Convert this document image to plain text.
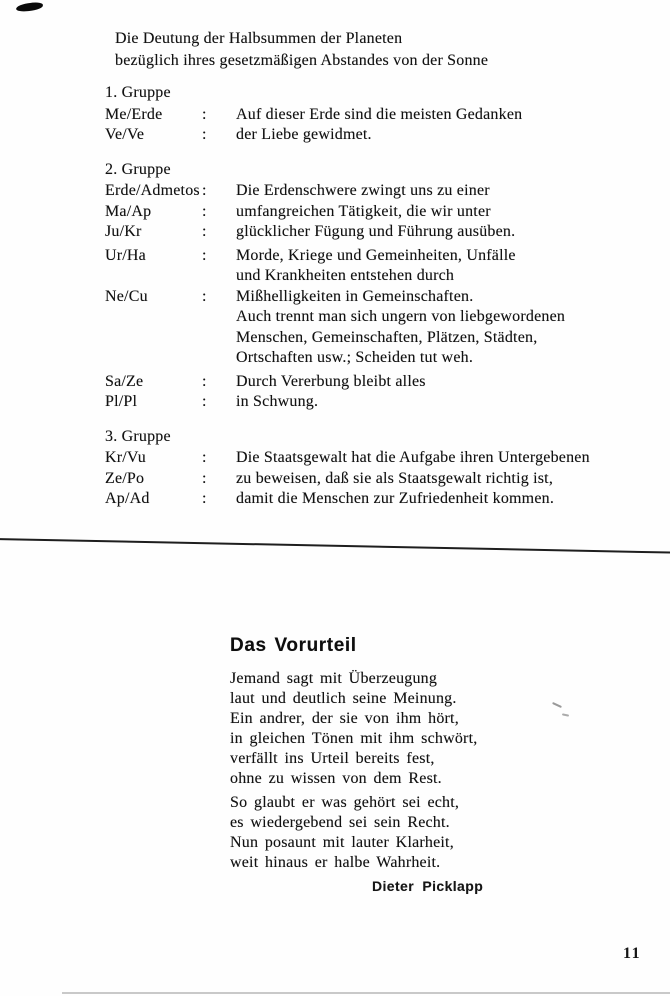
Die Deutung der Halbsummen der Planeten
bezüglich ihres gesetzmäßigen Abstandes von der Sonne
1. Gruppe
Me/Erde	:	Auf dieser Erde sind die meisten Gedanken
Ve/Ve	:	der Liebe gewidmet.
2. Gruppe
Erde/Admetos :	Die Erdenschwere zwingt uns zu einer
Ma/Ap	:	umfangreichen Tätigkeit, die wir unter
Ju/Kr	:	glücklicher Fügung und Führung ausüben.
Ur/Ha	:	Morde, Kriege und Gemeinheiten, Unfälle
und Krankheiten entstehen durch
Ne/Cu	:	Mißhelligkeiten in Gemeinschaften.
Auch trennt man sich ungern von liebgewordenen
Menschen, Gemeinschaften, Plätzen, Städten,
Ortschaften usw.; Scheiden tut weh.
Sa/Ze	:	Durch Vererbung bleibt alles
Pl/Pl	:	in Schwung.
3. Gruppe
Kr/Vu	:	Die Staatsgewalt hat die Aufgabe ihren Untergebenen
Ze/Po	:	zu beweisen, daß sie als Staatsgewalt richtig ist,
Ap/Ad	:	damit die Menschen zur Zufriedenheit kommen.
Das Vorurteil
Jemand sagt mit Überzeugung
laut und deutlich seine Meinung.
Ein andrer, der sie von ihm hört,
in gleichen Tönen mit ihm schwört,
verfällt ins Urteil bereits fest,
ohne zu wissen von dem Rest.
So glaubt er was gehört sei echt,
es wiedergebend sei sein Recht.
Nun posaunt mit lauter Klarheit,
weit hinaus er halbe Wahrheit.
Dieter Picklapp
11
